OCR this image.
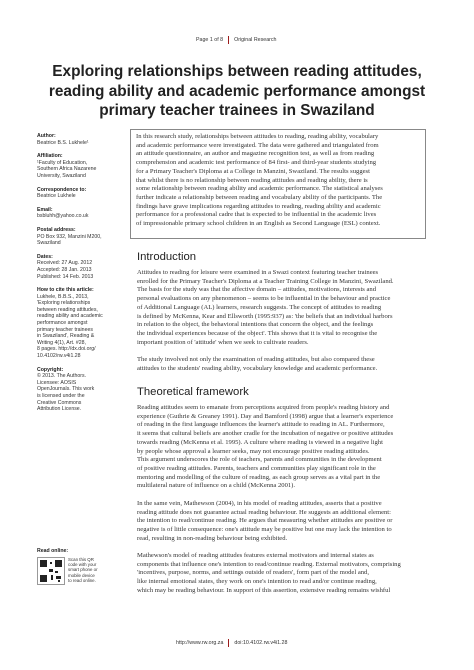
Page 1 of 8 Original Research
Exploring relationships between reading attitudes,
reading ability and academic performance amongst
primary teacher trainees in Swaziland
Author:
Beatrice B.S. Lukhele¹
Affiliation:
¹Faculty of Education,
Southern Africa Nazarene
University, Swaziland
Correspondence to:
Beatrice Lukhele
Email:
bsbluhh@yahoo.co.uk
Postal address:
PO Box 932, Manzini M200,
Swaziland
Dates:
Received: 27 Aug. 2012
Accepted: 28 Jan. 2013
Published: 14 Feb. 2013
How to cite this article:
Lukhele, B.B.S., 2013,
'Exploring relationships
between reading attitudes,
reading ability and academic
performance amongst
primary teacher trainees
in Swaziland', Reading &
Writing 4(1), Art. #28,
8 pages. http://dx.doi.org/
10.4102/rw.v4i1.28
Copyright:
© 2013. The Authors.
Licensee: AOSIS
OpenJournals. This work
is licensed under the
Creative Commons
Attribution License.
Read online:
Scan this QR
code with your
smart phone or
mobile device
to read online.
In this research study, relationships between attitudes to reading, reading ability, vocabulary
and academic performance were investigated. The data were gathered and triangulated from
an attitude questionnaire, an author and magazine recognition test, as well as from reading
comprehension and academic test performance of 84 first- and third-year students studying
for a Primary Teacher's Diploma at a College in Manzini, Swaziland. The results suggest
that whilst there is no relationship between reading attitudes and reading ability, there is
some relationship between reading ability and academic performance. The statistical analyses
further indicate a relationship between reading and vocabulary ability of the participants. The
findings have grave implications regarding attitudes to reading, reading ability and academic
performance for a professional cadre that is expected to be influential in the academic lives
of impressionable primary school children in an English as Second Language (ESL) context.
Introduction
Attitudes to reading for leisure were examined in a Swazi context featuring teacher trainees
enrolled for the Primary Teacher's Diploma at a Teacher Training College in Manzini, Swaziland.
The basis for the study was that the affective domain – attitudes, motivations, interests and
personal evaluations on any phenomenon – seems to be influential in the behaviour and practice
of Additional Language (AL) learners, research suggests. The concept of attitudes to reading
is defined by McKenna, Kear and Ellsworth (1995:937) as: 'the beliefs that an individual harbors
in relation to the object, the behavioral intentions that concern the object, and the feelings
the individual experiences because of the object'. This shows that it is vital to recognise the
important position of 'attitude' when we seek to cultivate readers.
The study involved not only the examination of reading attitudes, but also compared these
attitudes to the students' reading ability, vocabulary knowledge and academic performance.
Theoretical framework
Reading attitudes seem to emanate from perceptions acquired from people's reading history and
experience (Guthrie & Greaney 1991). Day and Bamford (1998) argue that a learner's experience
of reading in the first language influences the learner's attitude to reading in AL. Furthermore,
it seems that cultural beliefs are another cradle for the incubation of negative or positive attitudes
towards reading (McKenna et al. 1995). A culture where reading is viewed in a negative light
by people whose approval a learner seeks, may not encourage positive reading attitudes.
This argument underscores the role of teachers, parents and communities in the development
of positive reading attitudes. Parents, teachers and communities play significant role in the
mentoring and modelling of the culture of reading, as each group serves as a vital part in the
multilateral nature of influence on a child (McKenna 2001).
In the same vein, Mathewson (2004), in his model of reading attitudes, asserts that a positive
reading attitude does not guarantee actual reading behaviour. He suggests an additional element:
the intention to read/continue reading. He argues that measuring whether attitudes are positive or
negative is of little consequence: one's attitude may be positive but one may lack the intention to
read, resulting in non-reading behaviour being exhibited.
Mathewson's model of reading attitudes features external motivators and internal states as
components that influence one's intention to read/continue reading. External motivators, comprising
'incentives, purpose, norms, and settings outside of readers', form part of the model and,
like internal emotional states, they work on one's intention to read and/or continue reading,
which may be reading behaviour. In support of this assertion, extensive reading remains wishful
http://www.rw.org.za doi:10.4102.rw.v4i1.28
